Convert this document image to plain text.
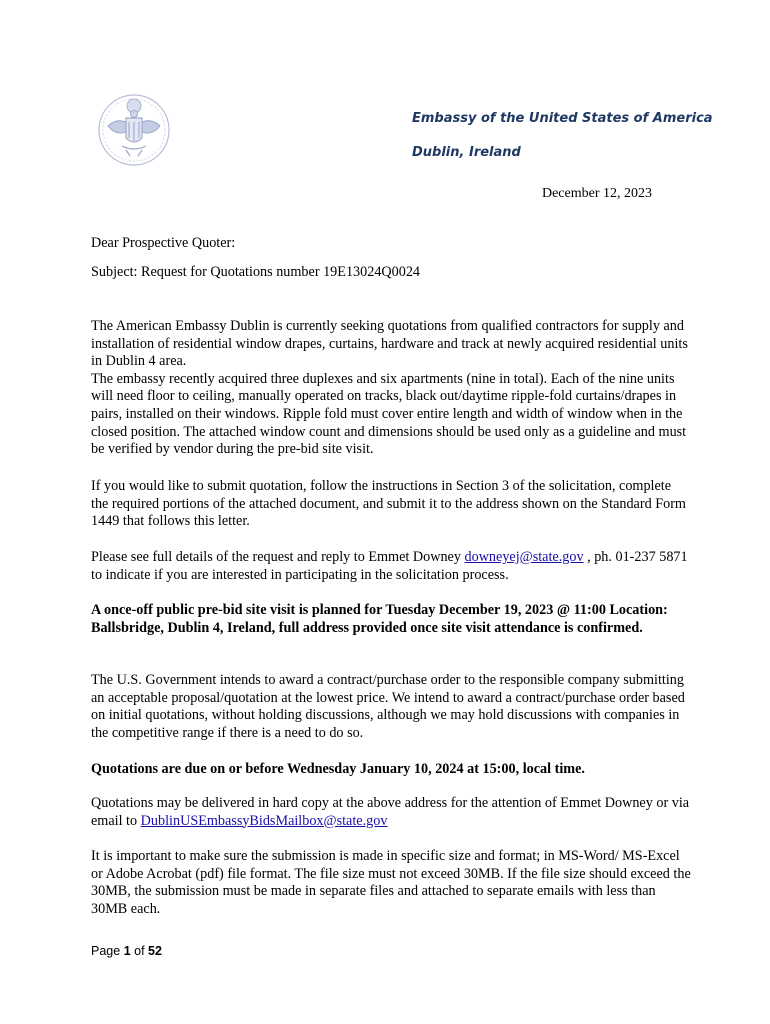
Embassy of the United States of America
Dublin, Ireland
December 12, 2023

Dear Prospective Quoter:

Subject: Request for Quotations number 19E13024Q0024

The American Embassy Dublin is currently seeking quotations from qualified contractors for supply and installation of residential window drapes, curtains, hardware and track at newly acquired residential units in Dublin 4 area.

The embassy recently acquired three duplexes and six apartments (nine in total). Each of the nine units will need floor to ceiling, manually operated on tracks, black out/daytime ripple-fold curtains/drapes in pairs, installed on their windows. Ripple fold must cover entire length and width of window when in the closed position. The attached window count and dimensions should be used only as a guideline and must be verified by vendor during the pre-bid site visit.

If you would like to submit quotation, follow the instructions in Section 3 of the solicitation, complete the required portions of the attached document, and submit it to the address shown on the Standard Form 1449 that follows this letter.

Please see full details of the request and reply to Emmet Downey downeyej@state.gov , ph. 01-237 5871 to indicate if you are interested in participating in the solicitation process.

A once-off public pre-bid site visit is planned for Tuesday December 19, 2023 @ 11:00 Location: Ballsbridge, Dublin 4, Ireland, full address provided once site visit attendance is confirmed.

The U.S. Government intends to award a contract/purchase order to the responsible company submitting an acceptable proposal/quotation at the lowest price. We intend to award a contract/purchase order based on initial quotations, without holding discussions, although we may hold discussions with companies in the competitive range if there is a need to do so.

Quotations are due on or before Wednesday January 10, 2024 at 15:00, local time.

Quotations may be delivered in hard copy at the above address for the attention of Emmet Downey or via email to DublinUSEmbassyBidsMailbox@state.gov

It is important to make sure the submission is made in specific size and format; in MS-Word/ MS-Excel or Adobe Acrobat (pdf) file format. The file size must not exceed 30MB. If the file size should exceed the 30MB, the submission must be made in separate files and attached to separate emails with less than 30MB each.

Page 1 of 52
